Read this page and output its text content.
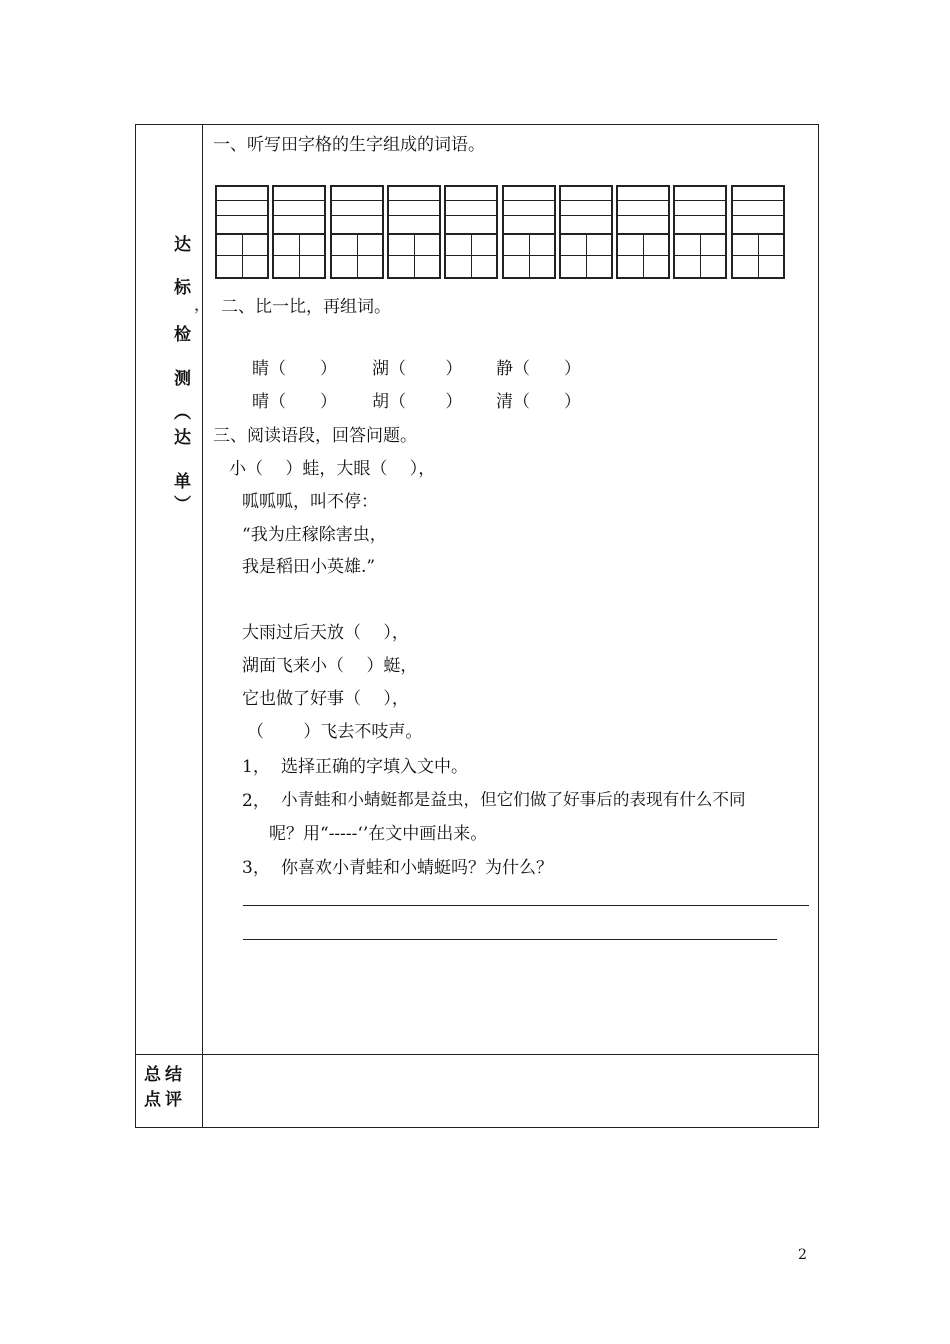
达
标
，
检
测
︵
达
单
︶
总结
点评
一、听写田字格的生字组成的词语。
二、比一比，再组词。
睛（　　） 湖（　　 ） 静（　　）
晴（　　） 胡（　　 ） 清（　　）
三、阅读语段，回答问题。
小（　 ）蛙，大眼（　 ），
呱呱呱，叫不停：
“我为庄稼除害虫，
我是稻田小英雄.”
大雨过后天放（　 ），
湖面飞来小（　 ）蜓，
它也做了好事（　 ），
（　　 ）飞去不吱声。
1， 选择正确的字填入文中。
2， 小青蛙和小蜻蜓都是益虫，但它们做了好事后的表现有什么不同
呢？用“-----‘’在文中画出来。
3， 你喜欢小青蛙和小蜻蜓吗？为什么？
2
